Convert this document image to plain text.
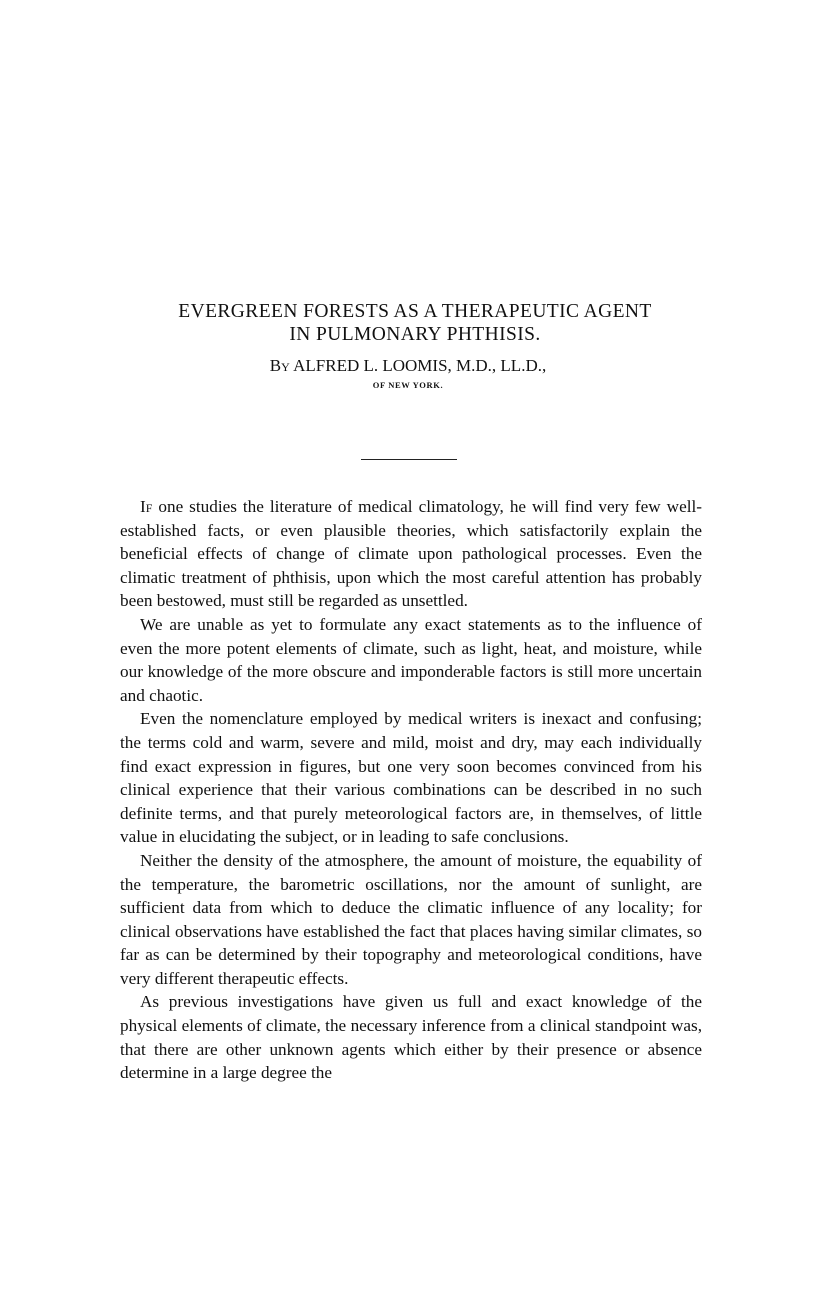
EVERGREEN FORESTS AS A THERAPEUTIC AGENT
IN PULMONARY PHTHISIS.

By ALFRED L. LOOMIS, M.D., LL.D.,

OF NEW YORK.

If one studies the literature of medical climatology, he will find very few well-established facts, or even plausible theories, which satisfactorily explain the beneficial effects of change of climate upon pathological processes. Even the climatic treatment of phthisis, upon which the most careful attention has probably been bestowed, must still be regarded as unsettled.

We are unable as yet to formulate any exact statements as to the influence of even the more potent elements of climate, such as light, heat, and moisture, while our knowledge of the more obscure and imponderable factors is still more uncertain and chaotic.

Even the nomenclature employed by medical writers is inexact and confusing; the terms cold and warm, severe and mild, moist and dry, may each individually find exact expression in figures, but one very soon becomes convinced from his clinical experience that their various combinations can be described in no such definite terms, and that purely meteorological factors are, in themselves, of little value in elucidating the subject, or in leading to safe conclusions.

Neither the density of the atmosphere, the amount of moisture, the equability of the temperature, the barometric oscillations, nor the amount of sunlight, are sufficient data from which to deduce the climatic influence of any locality; for clinical observations have established the fact that places having similar climates, so far as can be determined by their topography and meteorological conditions, have very different therapeutic effects.

As previous investigations have given us full and exact knowledge of the physical elements of climate, the necessary inference from a clinical standpoint was, that there are other unknown agents which either by their presence or absence determine in a large degree the
